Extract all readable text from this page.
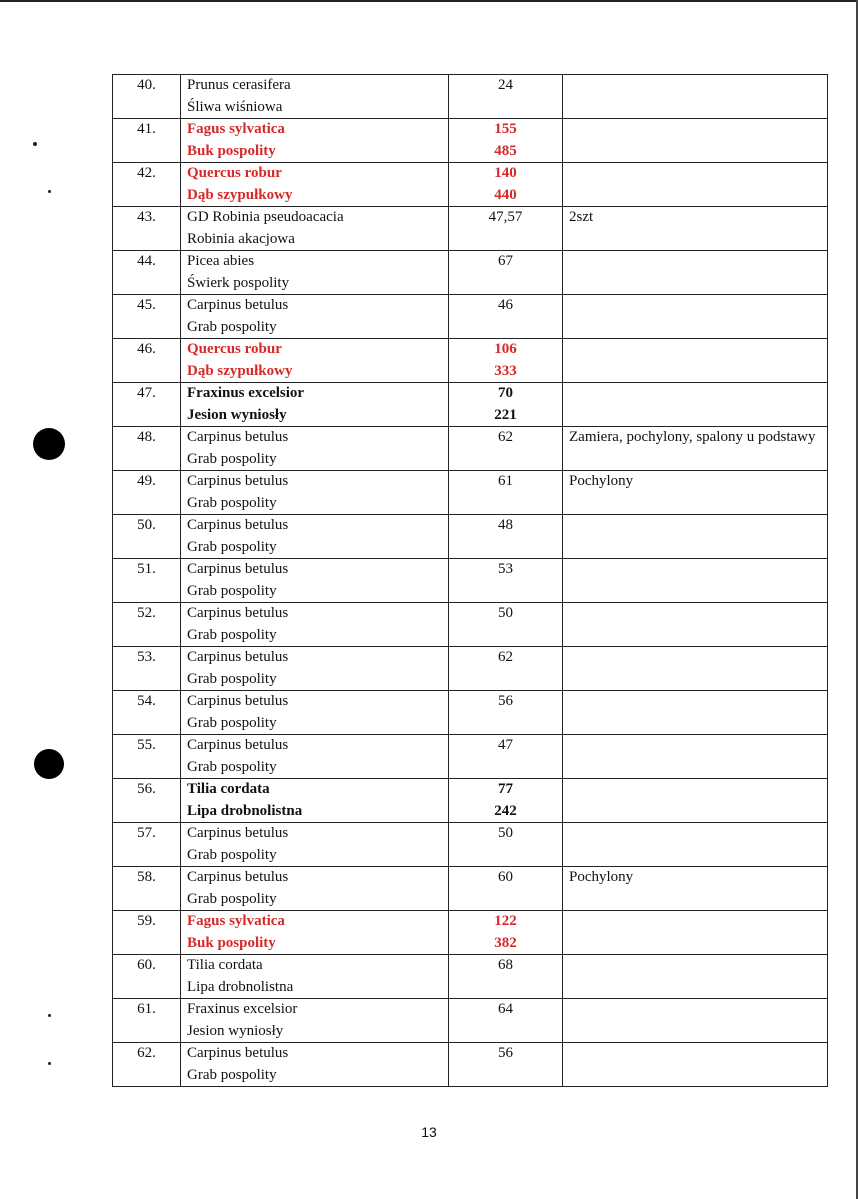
40.	Prunus cerasifera
Śliwa wiśniowa	24	

41.	Fagus sylvatica
Buk pospolity	155
485	

42.	Quercus robur
Dąb szypułkowy	140
440	

43.	GD Robinia pseudoacacia
Robinia akacjowa	47,57	2szt

44.	Picea abies
Świerk pospolity	67	

45.	Carpinus betulus
Grab pospolity	46	

46.	Quercus robur
Dąb szypułkowy	106
333	

47.	Fraxinus excelsior
Jesion wyniosły	70
221	

48.	Carpinus betulus
Grab pospolity	62	Zamiera, pochylony, spalony u podstawy

49.	Carpinus betulus
Grab pospolity	61	Pochylony

50.	Carpinus betulus
Grab pospolity	48	

51.	Carpinus betulus
Grab pospolity	53	

52.	Carpinus betulus
Grab pospolity	50	

53.	Carpinus betulus
Grab pospolity	62	

54.	Carpinus betulus
Grab pospolity	56	

55.	Carpinus betulus
Grab pospolity	47	

56.	Tilia cordata
Lipa drobnolistna	77
242	

57.	Carpinus betulus
Grab pospolity	50	

58.	Carpinus betulus
Grab pospolity	60	Pochylony

59.	Fagus sylvatica
Buk pospolity	122
382	

60.	Tilia cordata
Lipa drobnolistna	68	

61.	Fraxinus excelsior
Jesion wyniosły	64	

62.	Carpinus betulus
Grab pospolity	56	

13
